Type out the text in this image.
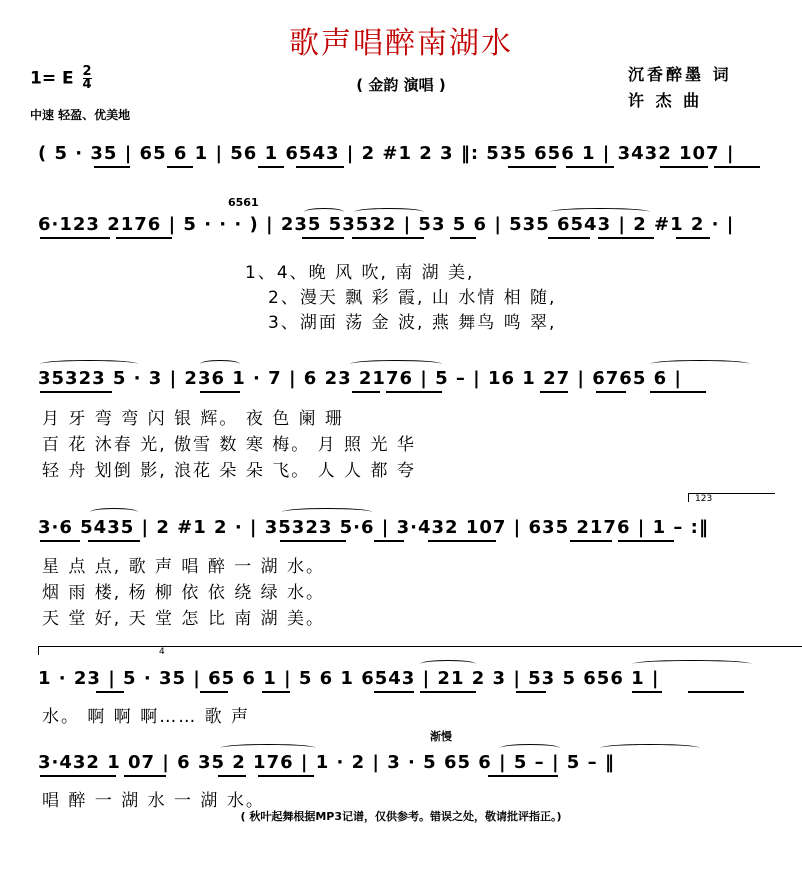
歌声唱醉南湖水
( 金韵 演唱 )
沉香醉墨 词
许 杰 曲
1= E $\frac{2}{4}$
中速 轻盈、优美地
( 5 · 35 | 65 6 1 | 56 1 6543 | 2 #1 2 3 ‖: 535 656 1 | 3432 107 |
6·123 2176 | 5 · · · ) | 235 53532 | 53 5 6 | 535 6543 | 2 #1 2 · |
6561
1、4、晚 风 吹, 南 湖 美,
2、漫天 飘 彩 霞, 山 水情 相 随,
3、湖面 荡 金 波, 燕 舞鸟 鸣 翠,
35323 5 · 3 | 236 1 · 7 | 6 23 2176 | 5 – | 16 1 27 | 6765 6 |
月 牙 弯 弯 闪 银 辉。 夜 色 阑 珊
百 花 沐春 光, 傲雪 数 寒 梅。 月 照 光 华
轻 舟 划倒 影, 浪花 朵 朵 飞。 人 人 都 夸
123
3·6 5435 | 2 #1 2 · | 35323 5·6 | 3·432 107 | 635 2176 | 1 – :‖
星 点 点, 歌 声 唱 醉 一 湖 水。
烟 雨 楼, 杨 柳 依 依 绕 绿 水。
天 堂 好, 天 堂 怎 比 南 湖 美。
4
1 · 23 | 5 · 35 | 65 6 1 | 5 6 1 6543 | 21 2 3 | 53 5 656 1 |
水。 啊 啊 啊…… 歌 声
渐慢
3·432 1 07 | 6 35 2 176 | 1 · 2 | 3 · 5 65 6 | 5 – | 5 – ‖
唱 醉 一 湖 水 一 湖 水。
( 秋叶起舞根据MP3记谱，仅供参考。错误之处，敬请批评指正。)
